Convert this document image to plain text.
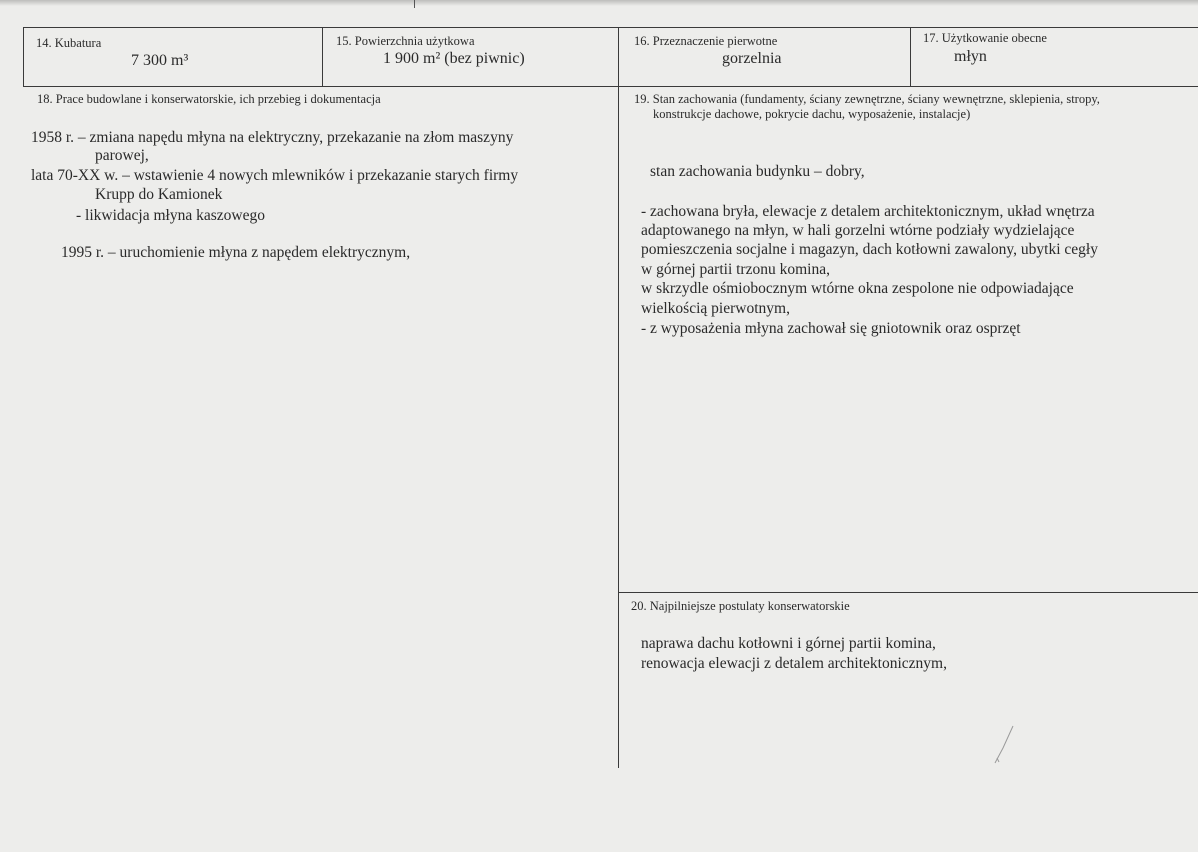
14. Kubatura
7 300 m³
15. Powierzchnia użytkowa
1 900 m² (bez piwnic)
16. Przeznaczenie pierwotne
gorzelnia
17. Użytkowanie obecne
młyn
18. Prace budowlane i konserwatorskie, ich przebieg i dokumentacja
1958 r. – zmiana napędu młyna na elektryczny, przekazanie na złom maszyny
parowej,
lata 70-XX w. – wstawienie 4 nowych mlewników i przekazanie starych firmy
Krupp do Kamionek
- likwidacja młyna kaszowego
1995 r. – uruchomienie młyna z napędem elektrycznym,
19. Stan zachowania (fundamenty, ściany zewnętrzne, ściany wewnętrzne, sklepienia, stropy,
konstrukcje dachowe, pokrycie dachu, wyposażenie, instalacje)
stan zachowania budynku – dobry,
- zachowana bryła, elewacje z detalem architektonicznym, układ wnętrza
adaptowanego na młyn, w hali gorzelni wtórne podziały wydzielające
pomieszczenia socjalne i magazyn, dach kotłowni zawalony, ubytki cegły
w górnej partii trzonu komina,
w skrzydle ośmiobocznym wtórne okna zespolone nie odpowiadające
wielkością pierwotnym,
- z wyposażenia młyna zachował się gniotownik oraz osprzęt
20. Najpilniejsze postulaty konserwatorskie
naprawa dachu kotłowni i górnej partii komina,
renowacja elewacji z detalem architektonicznym,
